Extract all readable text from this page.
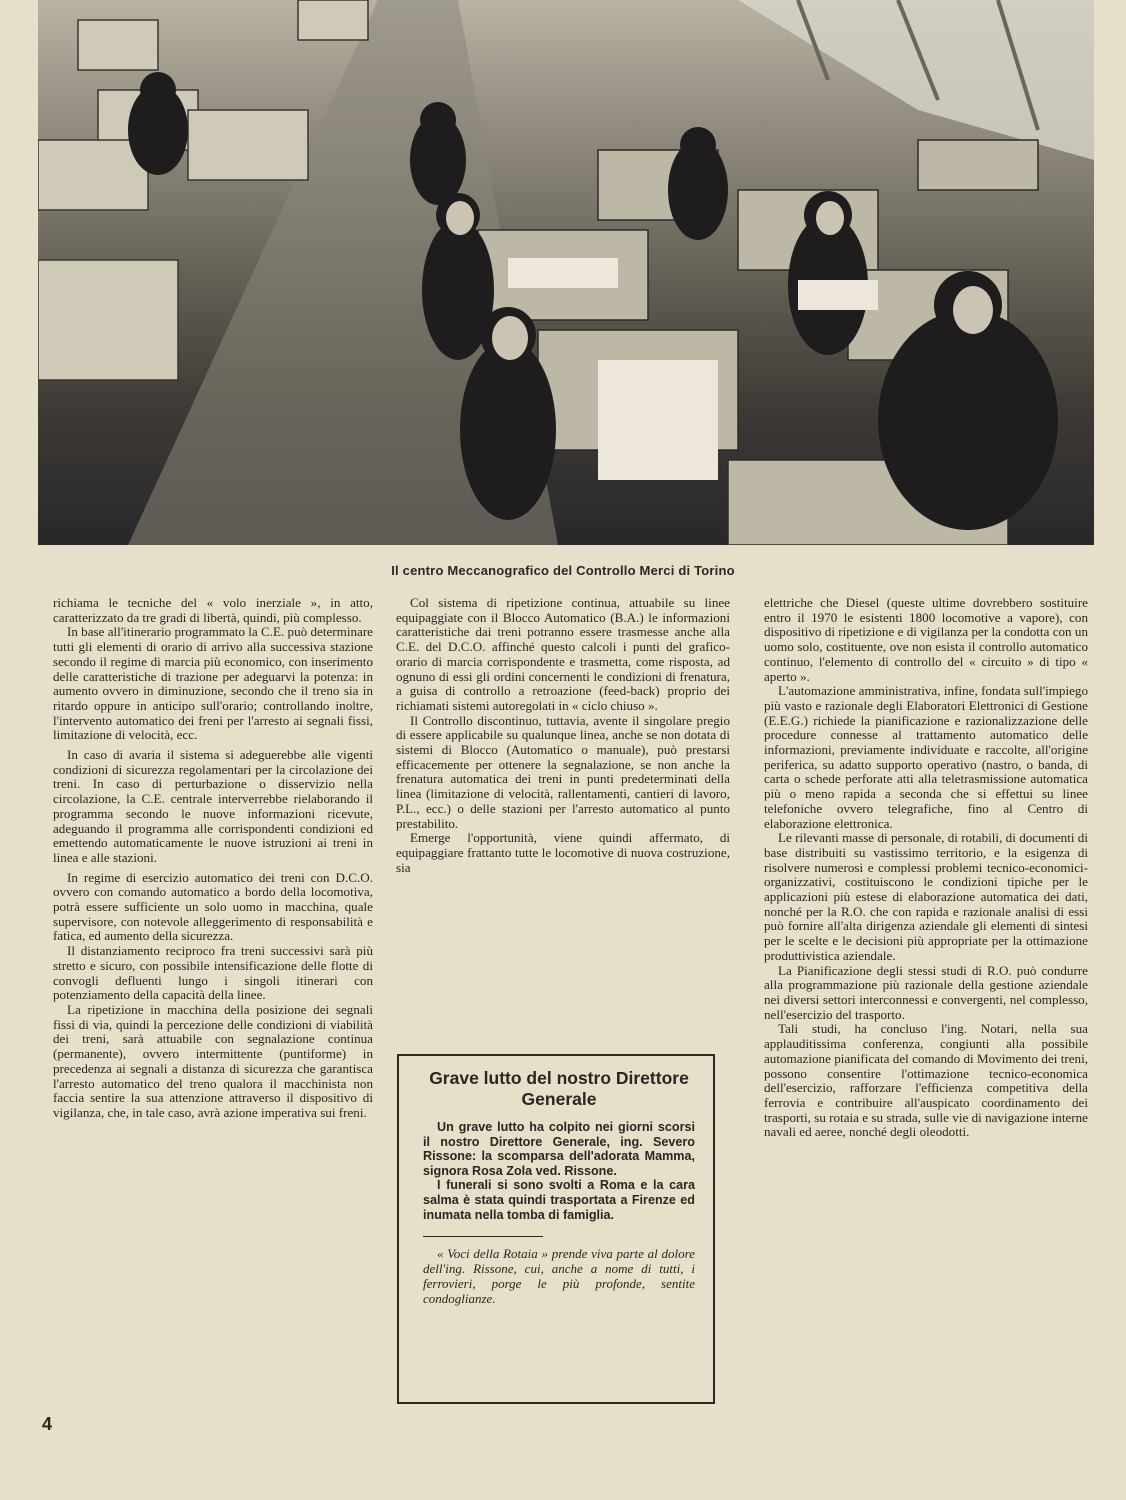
Il centro Meccanografico del Controllo Merci di Torino

richiama le tecniche del « volo inerziale », in atto, caratterizzato da tre gradi di libertà, quindi, più complesso.

In base all'itinerario programmato la C.E. può determinare tutti gli elementi di orario di arrivo alla successiva stazione secondo il regime di marcia più economico, con inserimento delle caratteristiche di trazione per adeguarvi la potenza: in aumento ovvero in diminuzione, secondo che il treno sia in ritardo oppure in anticipo sull'orario; controllando inoltre, l'intervento automatico dei freni per l'arresto ai segnali fissi, limitazione di velocità, ecc.

In caso di avaria il sistema si adeguerebbe alle vigenti condizioni di sicurezza regolamentari per la circolazione dei treni. In caso di perturbazione o disservizio nella circolazione, la C.E. centrale interverrebbe rielaborando il programma secondo le nuove informazioni ricevute, adeguando il programma alle corrispondenti condizioni ed emettendo automaticamente le nuove istruzioni ai treni in linea e alle stazioni.

In regime di esercizio automatico dei treni con D.C.O. ovvero con comando automatico a bordo della locomotiva, potrà essere sufficiente un solo uomo in macchina, quale supervisore, con notevole alleggerimento di responsabilità e fatica, ed aumento della sicurezza.

Il distanziamento reciproco fra treni successivi sarà più stretto e sicuro, con possibile intensificazione delle flotte di convogli defluenti lungo i singoli itinerari con potenziamento della capacità della linee.

La ripetizione in macchina della posizione dei segnali fissi di via, quindi la percezione delle condizioni di viabilità dei treni, sarà attuabile con segnalazione continua (permanente), ovvero intermittente (puntiforme) in precedenza ai segnali a distanza di sicurezza che garantisca l'arresto automatico del treno qualora il macchinista non faccia sentire la sua attenzione attraverso il dispositivo di vigilanza, che, in tale caso, avrà azione imperativa sui freni.

Col sistema di ripetizione continua, attuabile su linee equipaggiate con il Blocco Automatico (B.A.) le informazioni caratteristiche dai treni potranno essere trasmesse anche alla C.E. del D.C.O. affinché questo calcoli i punti del grafico-orario di marcia corrispondente e trasmetta, come risposta, ad ognuno di essi gli ordini concernenti le condizioni di frenatura, a guisa di controllo a retroazione (feed-back) proprio dei richiamati sistemi autoregolati in « ciclo chiuso ».

Il Controllo discontinuo, tuttavia, avente il singolare pregio di essere applicabile su qualunque linea, anche se non dotata di sistemi di Blocco (Automatico o manuale), può prestarsi efficacemente per ottenere la segnalazione, se non anche la frenatura automatica dei treni in punti predeterminati della linea (limitazione di velocità, rallentamenti, cantieri di lavoro, P.L., ecc.) o delle stazioni per l'arresto automatico al punto prestabilito.

Emerge l'opportunità, viene quindi affermato, di equipaggiare frattanto tutte le locomotive di nuova costruzione, sia

Grave lutto del nostro Direttore Generale

Un grave lutto ha colpito nei giorni scorsi il nostro Direttore Generale, ing. Severo Rissone: la scomparsa dell'adorata Mamma, signora Rosa Zola ved. Rissone.

I funerali si sono svolti a Roma e la cara salma è stata quindi trasportata a Firenze ed inumata nella tomba di famiglia.

« Voci della Rotaia » prende viva parte al dolore dell'ing. Rissone, cui, anche a nome di tutti, i ferrovieri, porge le più profonde, sentite condoglianze.

elettriche che Diesel (queste ultime dovrebbero sostituire entro il 1970 le esistenti 1800 locomotive a vapore), con dispositivo di ripetizione e di vigilanza per la condotta con un uomo solo, costituente, ove non esista il controllo automatico continuo, l'elemento di controllo del « circuito » di tipo « aperto ».

L'automazione amministrativa, infine, fondata sull'impiego più vasto e razionale degli Elaboratori Elettronici di Gestione (E.E.G.) richiede la pianificazione e razionalizzazione delle procedure connesse al trattamento automatico delle informazioni, previamente individuate e raccolte, all'origine periferica, su adatto supporto operativo (nastro, o banda, di carta o schede perforate atti alla teletrasmissione automatica più o meno rapida a seconda che si effettui su linee telefoniche ovvero telegrafiche, fino al Centro di elaborazione elettronica.

Le rilevanti masse di personale, di rotabili, di documenti di base distribuiti su vastissimo territorio, e la esigenza di risolvere numerosi e complessi problemi tecnico-economici-organizzativi, costituiscono le condizioni tipiche per le applicazioni più estese di elaborazione automatica dei dati, nonché per la R.O. che con rapida e razionale analisi di essi può fornire all'alta dirigenza aziendale gli elementi di sintesi per le scelte e le decisioni più appropriate per la ottimazione produttivistica aziendale.

La Pianificazione degli stessi studi di R.O. può condurre alla programmazione più razionale della gestione aziendale nei diversi settori interconnessi e convergenti, nel complesso, nell'esercizio del trasporto.

Tali studi, ha concluso l'ing. Notari, nella sua applauditissima conferenza, congiunti alla possibile automazione pianificata del comando di Movimento dei treni, possono consentire l'ottimazione tecnico-economica dell'esercizio, rafforzare l'efficienza competitiva della ferrovia e contribuire all'auspicato coordinamento dei trasporti, su rotaia e su strada, sulle vie di navigazione interne navali ed aeree, nonché degli oleodotti.

4
